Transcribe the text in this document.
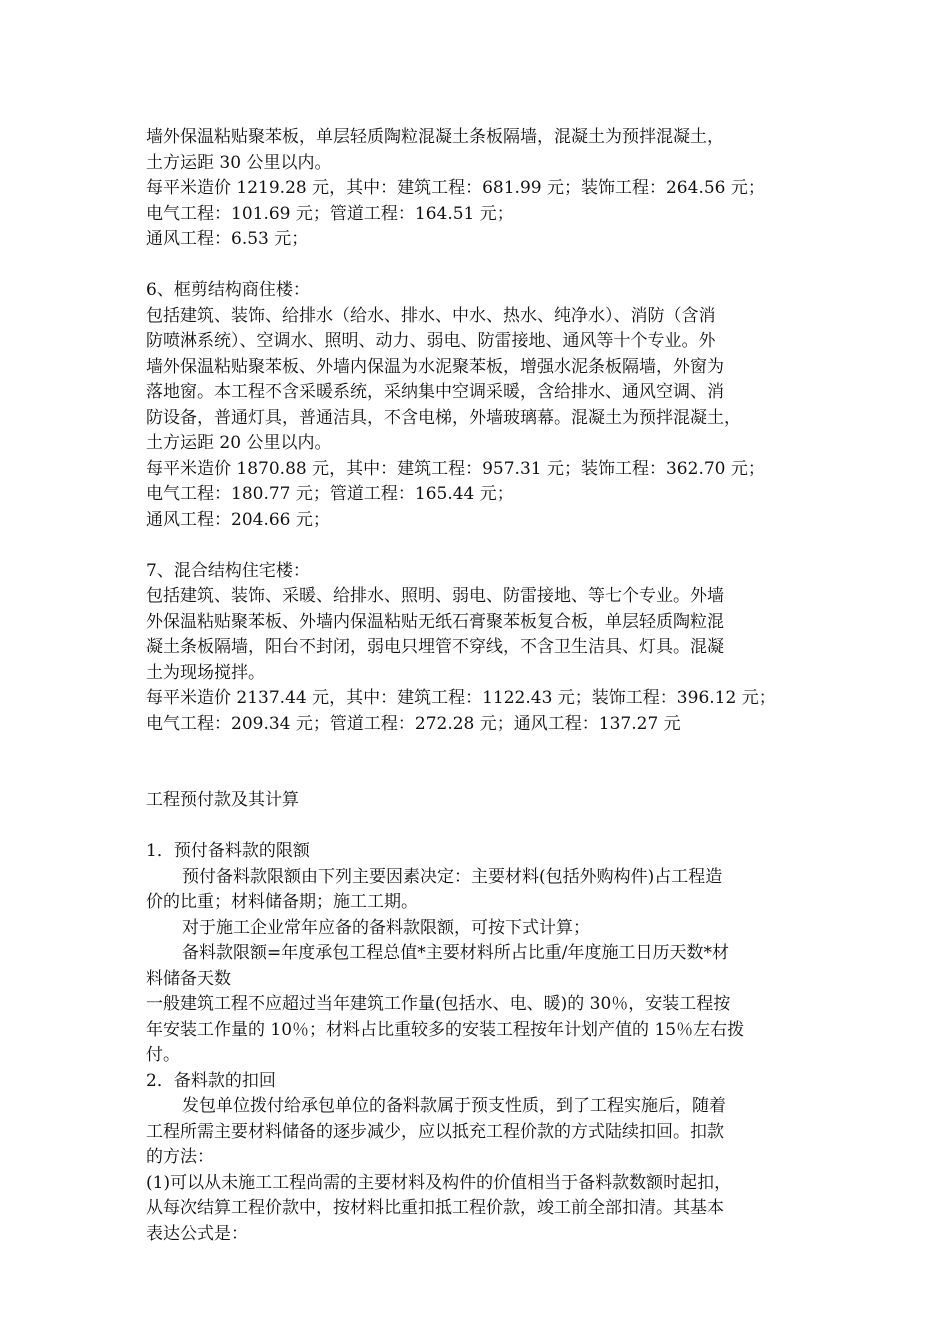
墙外保温粘贴聚苯板，单层轻质陶粒混凝土条板隔墙，混凝土为预拌混凝土，
土方运距 30 公里以内。
每平米造价 1219.28 元，其中：建筑工程：681.99 元；装饰工程：264.56 元；
电气工程：101.69 元；管道工程：164.51 元；
通风工程：6.53 元；
6、框剪结构商住楼：
包括建筑、装饰、给排水（给水、排水、中水、热水、纯净水）、消防（含消
防喷淋系统）、空调水、照明、动力、弱电、防雷接地、通风等十个专业。外
墙外保温粘贴聚苯板、外墙内保温为水泥聚苯板，增强水泥条板隔墙，外窗为
落地窗。本工程不含采暖系统，采纳集中空调采暖，含给排水、通风空调、消
防设备，普通灯具，普通洁具，不含电梯，外墙玻璃幕。混凝土为预拌混凝土，
土方运距 20 公里以内。
每平米造价 1870.88 元，其中：建筑工程：957.31 元；装饰工程：362.70 元；
电气工程：180.77 元；管道工程：165.44 元；
通风工程：204.66 元；
7、混合结构住宅楼：
包括建筑、装饰、采暖、给排水、照明、弱电、防雷接地、等七个专业。外墙
外保温粘贴聚苯板、外墙内保温粘贴无纸石膏聚苯板复合板，单层轻质陶粒混
凝土条板隔墙，阳台不封闭，弱电只埋管不穿线，不含卫生洁具、灯具。混凝
土为现场搅拌。
每平米造价 2137.44 元，其中：建筑工程：1122.43 元；装饰工程：396.12 元；
电气工程：209.34 元；管道工程：272.28 元；通风工程：137.27 元
工程预付款及其计算
1．预付备料款的限额
预付备料款限额由下列主要因素决定：主要材料(包括外购构件)占工程造
价的比重；材料储备期；施工工期。
对于施工企业常年应备的备料款限额，可按下式计算；
备料款限额=年度承包工程总值*主要材料所占比重/年度施工日历天数*材
料储备天数
一般建筑工程不应超过当年建筑工作量(包括水、电、暖)的 30％，安装工程按
年安装工作量的 10％；材料占比重较多的安装工程按年计划产值的 15％左右拨
付。
2．备料款的扣回
发包单位拨付给承包单位的备料款属于预支性质，到了工程实施后，随着
工程所需主要材料储备的逐步减少，应以抵充工程价款的方式陆续扣回。扣款
的方法：
(1)可以从未施工工程尚需的主要材料及构件的价值相当于备料款数额时起扣，
从每次结算工程价款中，按材料比重扣抵工程价款，竣工前全部扣清。其基本
表达公式是：
